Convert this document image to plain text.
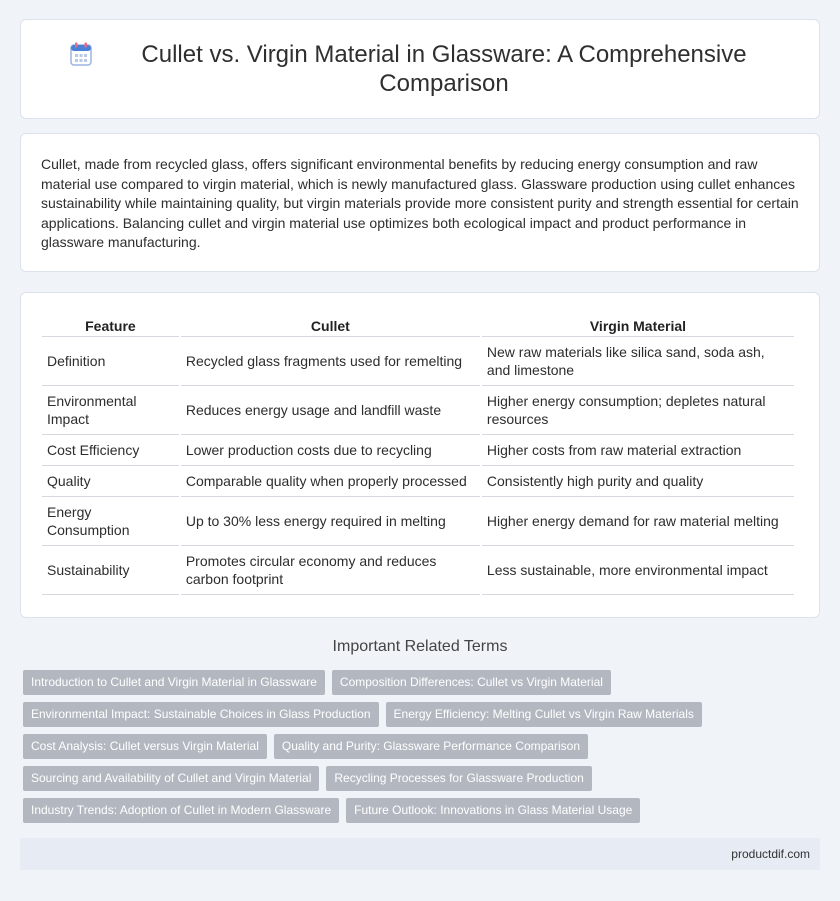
Cullet vs. Virgin Material in Glassware: A Comprehensive Comparison

Cullet, made from recycled glass, offers significant environmental benefits by reducing energy consumption and raw material use compared to virgin material, which is newly manufactured glass. Glassware production using cullet enhances sustainability while maintaining quality, but virgin materials provide more consistent purity and strength essential for certain applications. Balancing cullet and virgin material use optimizes both ecological impact and product performance in glassware manufacturing.

Feature	Cullet	Virgin Material
Definition	Recycled glass fragments used for remelting	New raw materials like silica sand, soda ash, and limestone
Environmental Impact	Reduces energy usage and landfill waste	Higher energy consumption; depletes natural resources
Cost Efficiency	Lower production costs due to recycling	Higher costs from raw material extraction
Quality	Comparable quality when properly processed	Consistently high purity and quality
Energy Consumption	Up to 30% less energy required in melting	Higher energy demand for raw material melting
Sustainability	Promotes circular economy and reduces carbon footprint	Less sustainable, more environmental impact
Important Related Terms
Introduction to Cullet and Virgin Material in Glassware	Composition Differences: Cullet vs Virgin Material
Environmental Impact: Sustainable Choices in Glass Production	Energy Efficiency: Melting Cullet vs Virgin Raw Materials
Cost Analysis: Cullet versus Virgin Material	Quality and Purity: Glassware Performance Comparison
Sourcing and Availability of Cullet and Virgin Material	Recycling Processes for Glassware Production
Industry Trends: Adoption of Cullet in Modern Glassware	Future Outlook: Innovations in Glass Material Usage
productdif.com
